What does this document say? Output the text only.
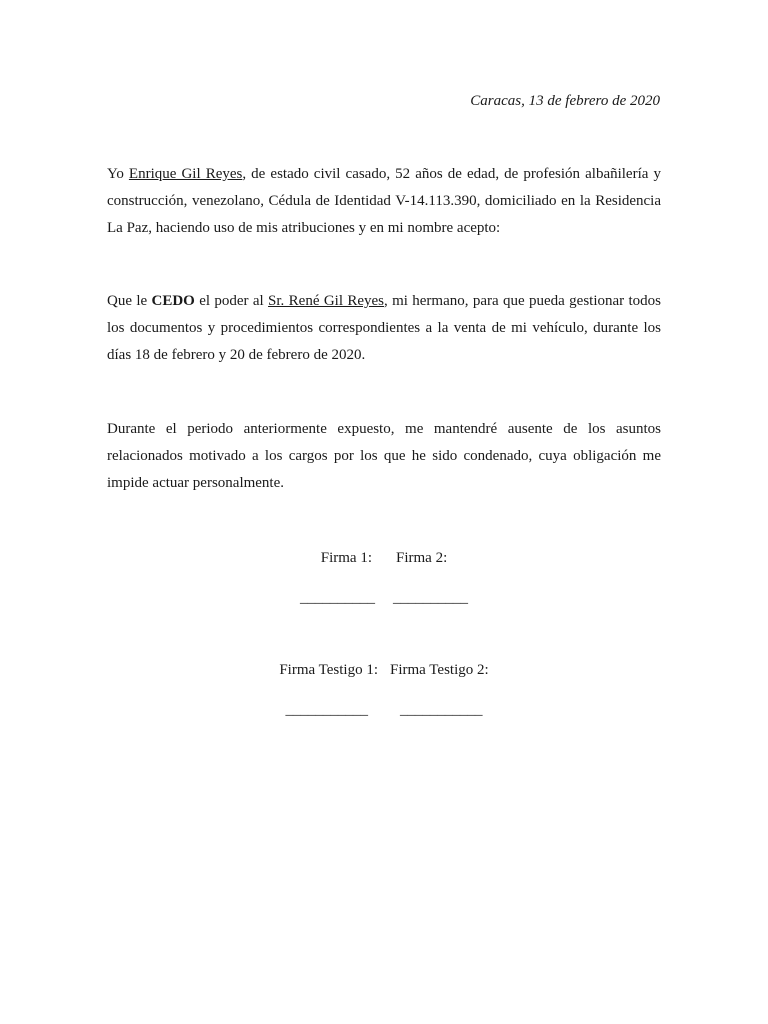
Caracas, 13 de febrero de 2020
Yo Enrique Gil Reyes, de estado civil casado, 52 años de edad, de profesión albañilería y construcción, venezolano, Cédula de Identidad V-14.113.390, domiciliado en la Residencia La Paz, haciendo uso de mis atribuciones y en mi nombre acepto:
Que le CEDO el poder al Sr. René Gil Reyes, mi hermano, para que pueda gestionar todos los documentos y procedimientos correspondientes a la venta de mi vehículo, durante los días 18 de febrero y 20 de febrero de 2020.
Durante el periodo anteriormente expuesto, me mantendré ausente de los asuntos relacionados motivado a los cargos por los que he sido condenado, cuya obligación me impide actuar personalmente.
Firma 1: Firma 2:
__________ __________
Firma Testigo 1: Firma Testigo 2:
___________ ___________
